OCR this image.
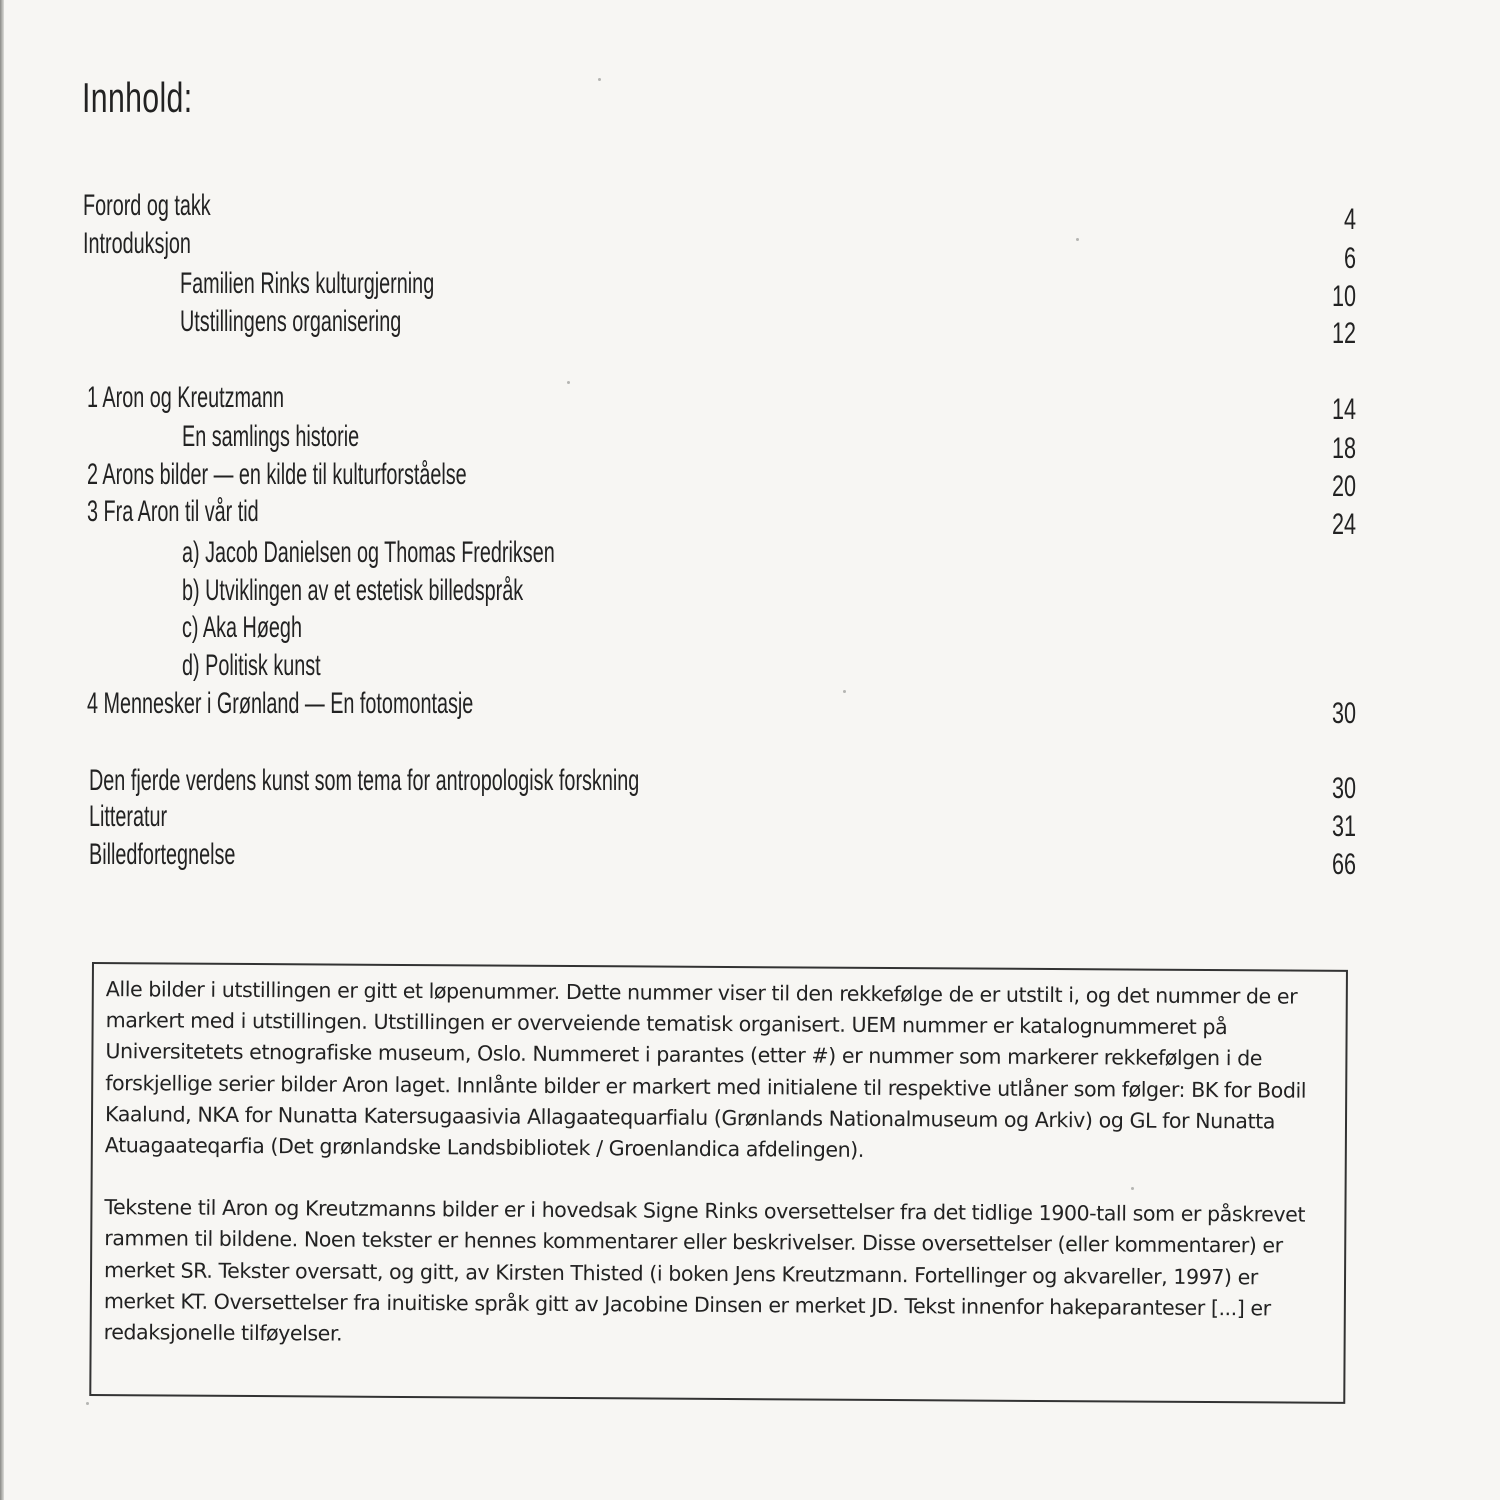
Innhold:
Forord og takk	4
Introduksjon	6
Familien Rinks kulturgjerning	10
Utstillingens organisering	12
1 Aron og Kreutzmann	14
En samlings historie	18
2 Arons bilder — en kilde til kulturforståelse	20
3 Fra Aron til vår tid	24
a) Jacob Danielsen og Thomas Fredriksen
b) Utviklingen av et estetisk billedspråk
c) Aka Høegh
d) Politisk kunst
4 Mennesker i Grønland — En fotomontasje	30
Den fjerde verdens kunst som tema for antropologisk forskning	30
Litteratur	31
Billedfortegnelse	66

Alle bilder i utstillingen er gitt et løpenummer. Dette nummer viser til den rekkefølge de er utstilt i, og det nummer de er markert med i utstillingen. Utstillingen er overveiende tematisk organisert. UEM nummer er katalognummeret på Universitetets etnografiske museum, Oslo. Nummeret i parantes (etter #) er nummer som markerer rekkefølgen i de forskjellige serier bilder Aron laget. Innlånte bilder er markert med initialene til respektive utlåner som følger: BK for Bodil Kaalund, NKA for Nunatta Katersugaasivia Allagaatequarfialu (Grønlands Nationalmuseum og Arkiv) og GL for Nunatta Atuagaateqarfia (Det grønlandske Landsbibliotek / Groenlandica afdelingen).

Tekstene til Aron og Kreutzmanns bilder er i hovedsak Signe Rinks oversettelser fra det tidlige 1900-tall som er påskrevet rammen til bildene. Noen tekster er hennes kommentarer eller beskrivelser. Disse oversettelser (eller kommentarer) er merket SR. Tekster oversatt, og gitt, av Kirsten Thisted (i boken Jens Kreutzmann. Fortellinger og akvareller, 1997) er merket KT. Oversettelser fra inuitiske språk gitt av Jacobine Dinsen er merket JD. Tekst innenfor hakeparanteser [...] er redaksjonelle tilføyelser.
